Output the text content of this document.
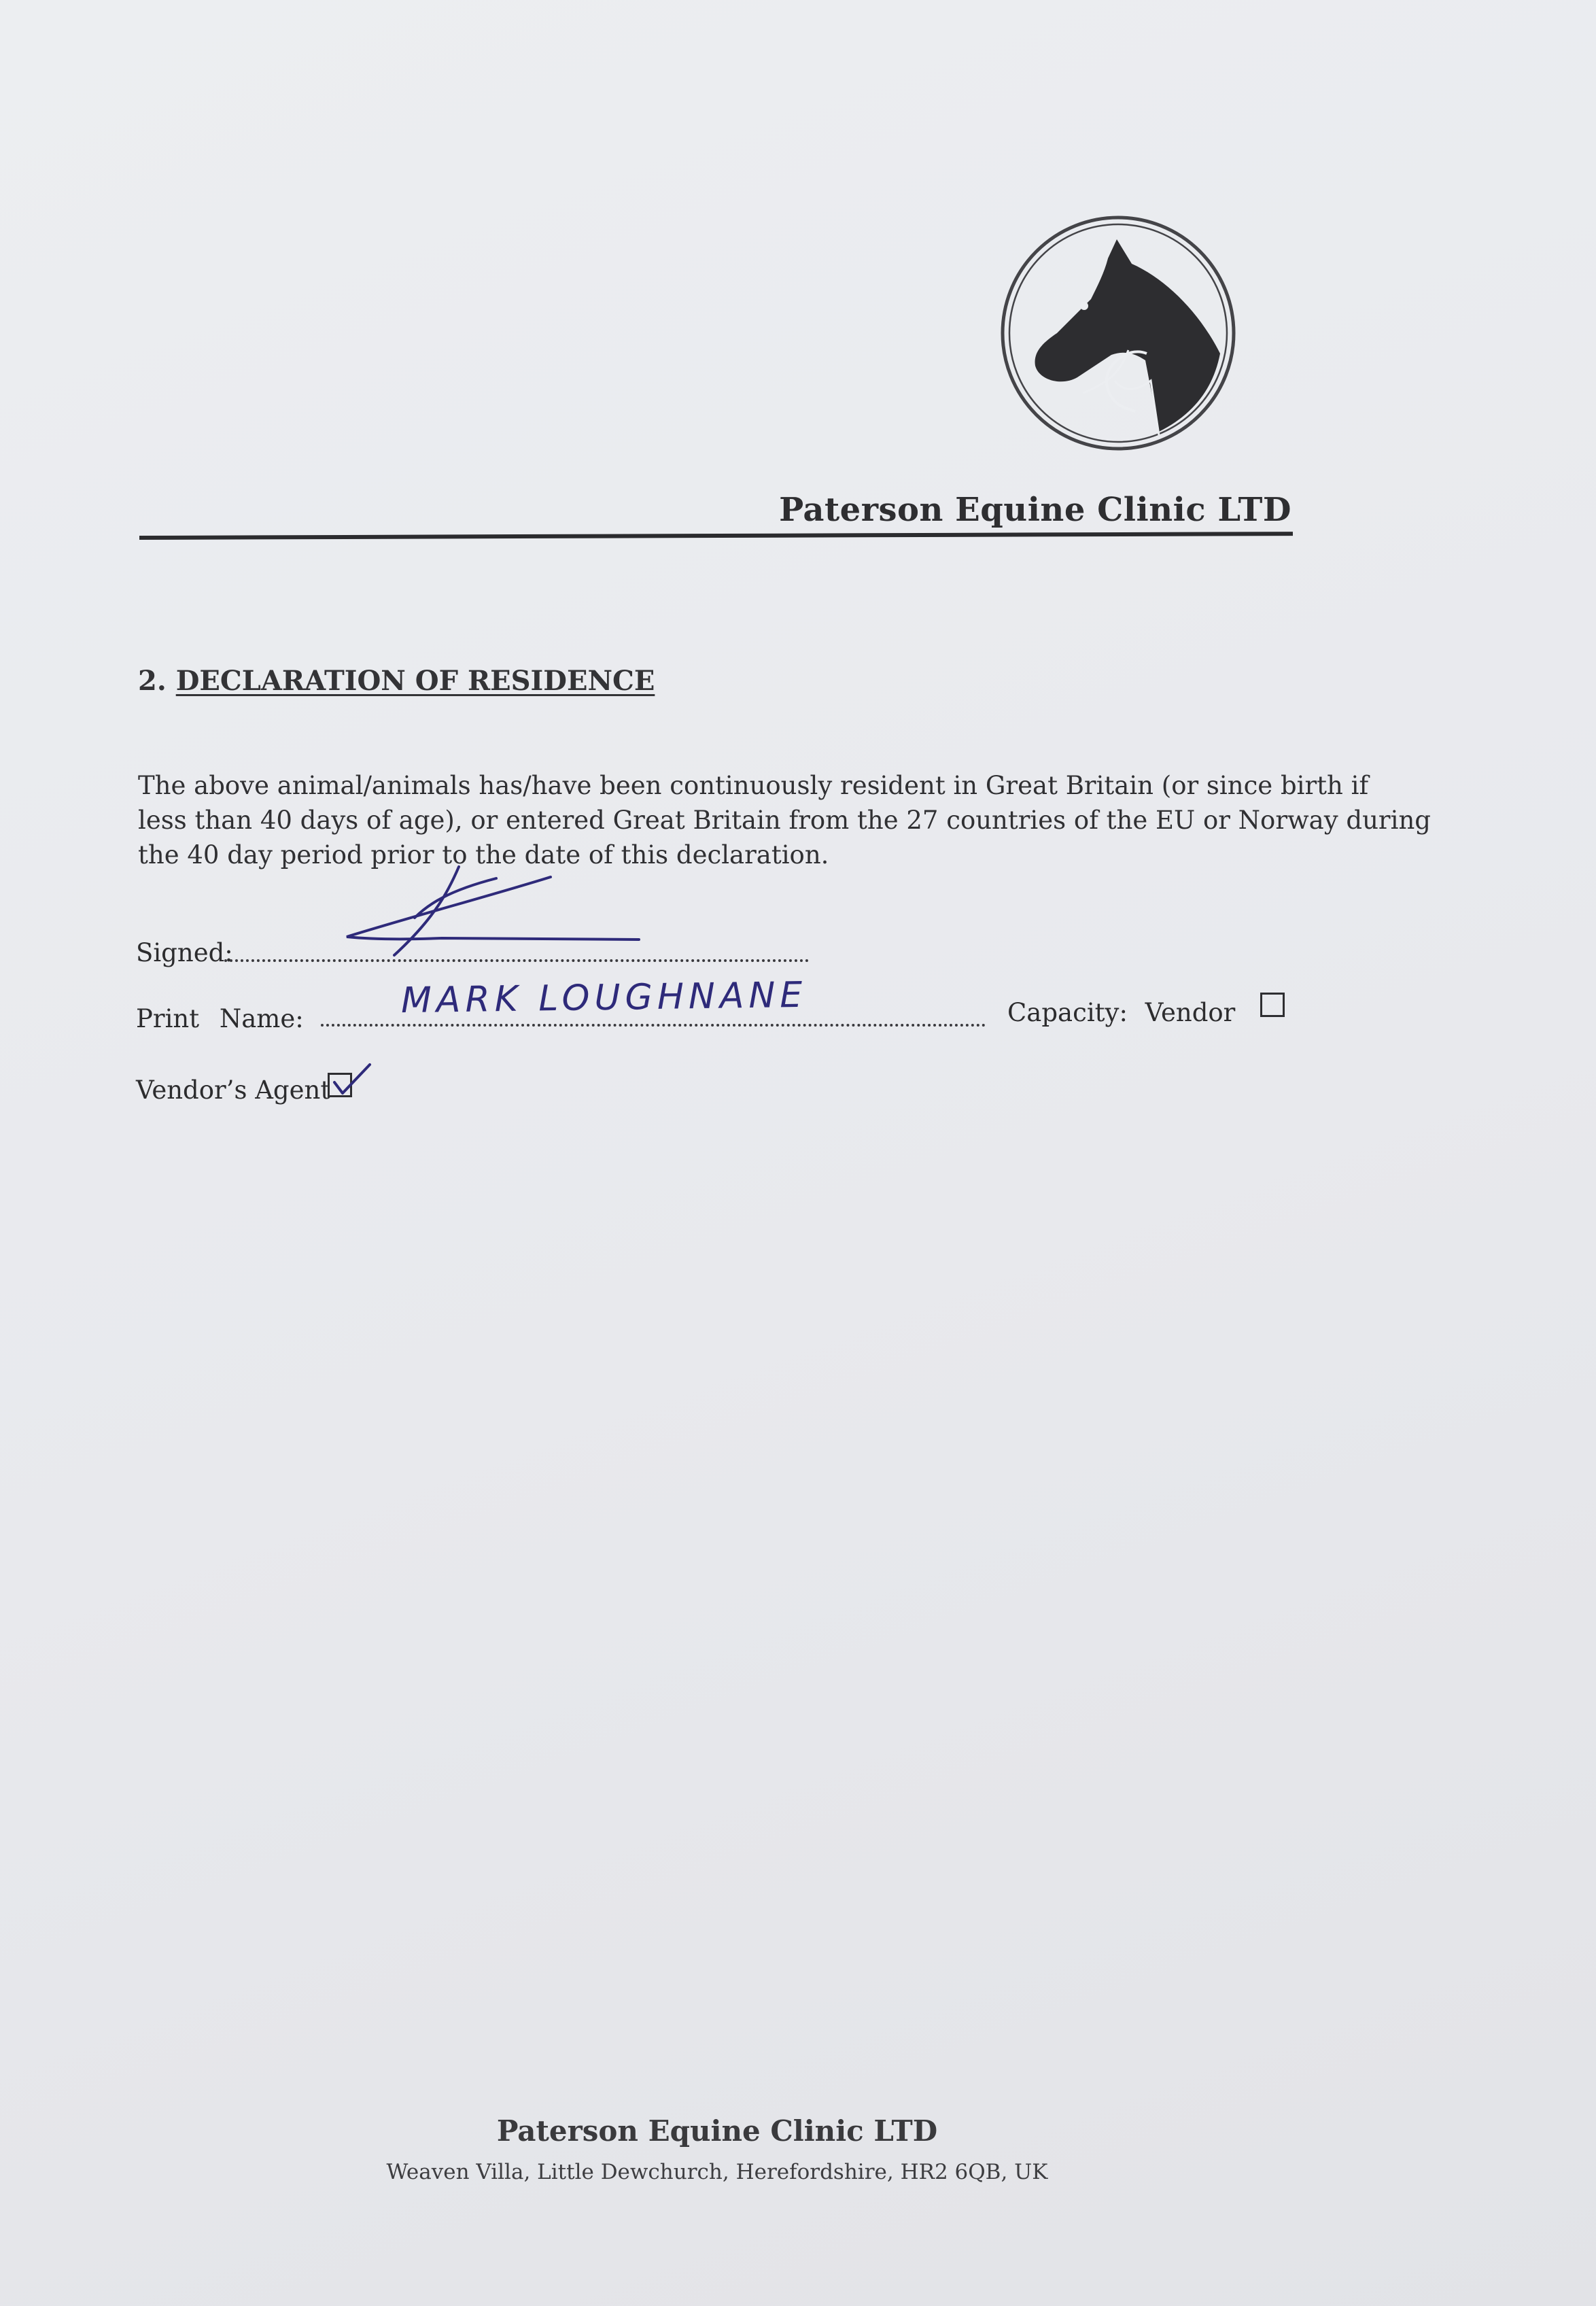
Paterson Equine Clinic LTD
2. DECLARATION OF RESIDENCE
The above animal/animals has/have been continuously resident in Great Britain (or since birth if
less than 40 days of age), or entered Great Britain from the 27 countries of the EU or Norway during
the 40 day period prior to the date of this declaration.
Signed:
Print Name:	MARK LOUGHNANE	Capacity: Vendor
Vendor’s Agent
Paterson Equine Clinic LTD
Weaven Villa, Little Dewchurch, Herefordshire, HR2 6QB, UK
